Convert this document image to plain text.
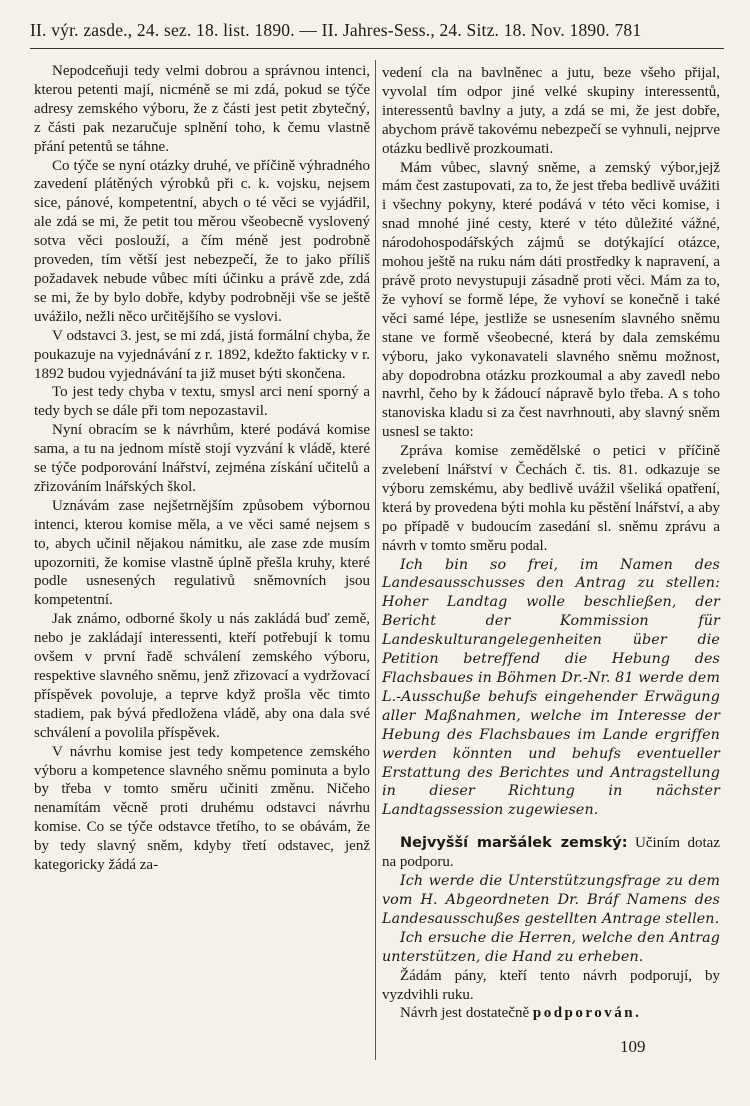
II. výr. zasde., 24. sez. 18. list. 1890. — II. Jahres-Sess., 24. Sitz. 18. Nov. 1890. 781

Nepodceňuji tedy velmi dobrou a správnou intenci, kterou petenti mají, nicméně se mi zdá, pokud se týče adresy zemského výboru, že z části jest petit zbytečný, z části pak nezaručuje splnění toho, k čemu vlastně přání petentů se táhne.

Co týče se nyní otázky druhé, ve příčině výhradného zavedení plátěných výrobků při c. k. vojsku, nejsem sice, pánové, kompetentní, abych o té věci se vyjádřil, ale zdá se mi, že petit tou měrou všeobecně vyslovený sotva věci poslouží, a čím méně jest podrobně proveden, tím větší jest nebezpečí, že to jako příliš požadavek nebude vůbec míti účinku a právě zde, zdá se mi, že by bylo dobře, kdyby podrobněji vše se ještě uvážilo, nežli něco určitějšího se vyslovi.

V odstavci 3. jest, se mi zdá, jistá formální chyba, že poukazuje na vyjednávání z r. 1892, kdežto fakticky v r. 1892 budou vyjednávání ta již muset býti skončena.

To jest tedy chyba v textu, smysl arci není sporný a tedy bych se dále při tom nepozastavil.

Nyní obracím se k návrhům, které podává komise sama, a tu na jednom místě stojí vyzvání k vládě, které se týče podporování lnářství, zejména získání učitelů a zřizováním lnářských škol.

Uznávám zase nejšetrnějším způsobem výbornou intenci, kterou komise měla, a ve věci samé nejsem s to, abych učinil nějakou námitku, ale zase zde musím upozorniti, že komise vlastně úplně přešla kruhy, které podle usnesených regulativů sněmovních jsou kompetentní.

Jak známo, odborné školy u nás zakládá buď země, nebo je zakládají interessenti, kteří potřebují k tomu ovšem v první řadě schválení zemského výboru, respektive slavného sněmu, jenž zřizovací a vydržovací příspěvek povoluje, a teprve když prošla věc timto stadiem, pak bývá předložena vládě, aby ona dala své schválení a povolila příspěvek.

V návrhu komise jest tedy kompetence zemského výboru a kompetence slavného sněmu pominuta a bylo by třeba v tomto směru učiniti změnu. Ničeho nenamítám věcně proti druhému odstavci návrhu komise. Co se týče odstavce třetího, to se obávám, že by tedy slavný sněm, kdyby třetí odstavec, jenž kategoricky žádá za-

vedení cla na bavlněnec a jutu, beze všeho přijal, vyvolal tím odpor jiné velké skupiny interessentů, interessentů bavlny a juty, a zdá se mi, že jest dobře, abychom právě takovému nebezpečí se vyhnuli, nejprve otázku bedlivě prozkoumati.

Mám vůbec, slavný sněme, a zemský výbor,jejž mám čest zastupovati, za to, že jest třeba bedlivě uvážiti i všechny pokyny, které podává v této věci komise, i snad mnohé jiné cesty, které v této důležité vážné, národohospodářských zájmů se dotýkající otázce, mohou ještě na ruku nám dáti prostředky k napravení, a právě proto nevystupuji zásadně proti věci. Mám za to, že vyhoví se formě lépe, že vyhoví se konečně i také věci samé lépe, jestliže se usnesením slavného sněmu stane ve formě všeobecné, která by dala zemskému výboru, jako vykonavateli slavného sněmu možnost, aby dopodrobna otázku prozkoumal a aby zavedl nebo navrhl, čeho by k žádoucí nápravě bylo třeba. A s toho stanoviska kladu si za čest navrhnouti, aby slavný sněm usnesl se takto:

Zpráva komise zemědělské o petici v příčině zvelebení lnářství v Čechách č. tis. 81. odkazuje se výboru zemskému, aby bedlivě uvážil všeliká opatření, která by provedena býti mohla ku pěstění lnářství, a aby po případě v budoucím zasedání sl. sněmu zprávu a návrh v tomto směru podal.

Ich bin so frei, im Namen des Landesausschusses den Antrag zu stellen: Hoher Landtag wolle beschließen, der Bericht der Kommission für Landeskulturangelegenheiten über die Petition betreffend die Hebung des Flachsbaues in Böhmen Dr.-Nr. 81 werde dem L.-Ausschuße behufs eingehender Erwägung aller Maßnahmen, welche im Interesse der Hebung des Flachsbaues im Lande ergriffen werden könnten und behufs eventueller Erstattung des Berichtes und Antragstellung in dieser Richtung in nächster Landtagssession zugewiesen.

Nejvyšší maršálek zemský: Učiním dotaz na podporu.

Ich werde die Unterstützungsfrage zu dem vom H. Abgeordneten Dr. Bráf Namens des Landesausschußes gestellten Antrage stellen.

Ich ersuche die Herren, welche den Antrag unterstützen, die Hand zu erheben.

Žádám pány, kteří tento návrh podporují, by vyzdvihli ruku.

Návrh jest dostatečně podporován.

109
